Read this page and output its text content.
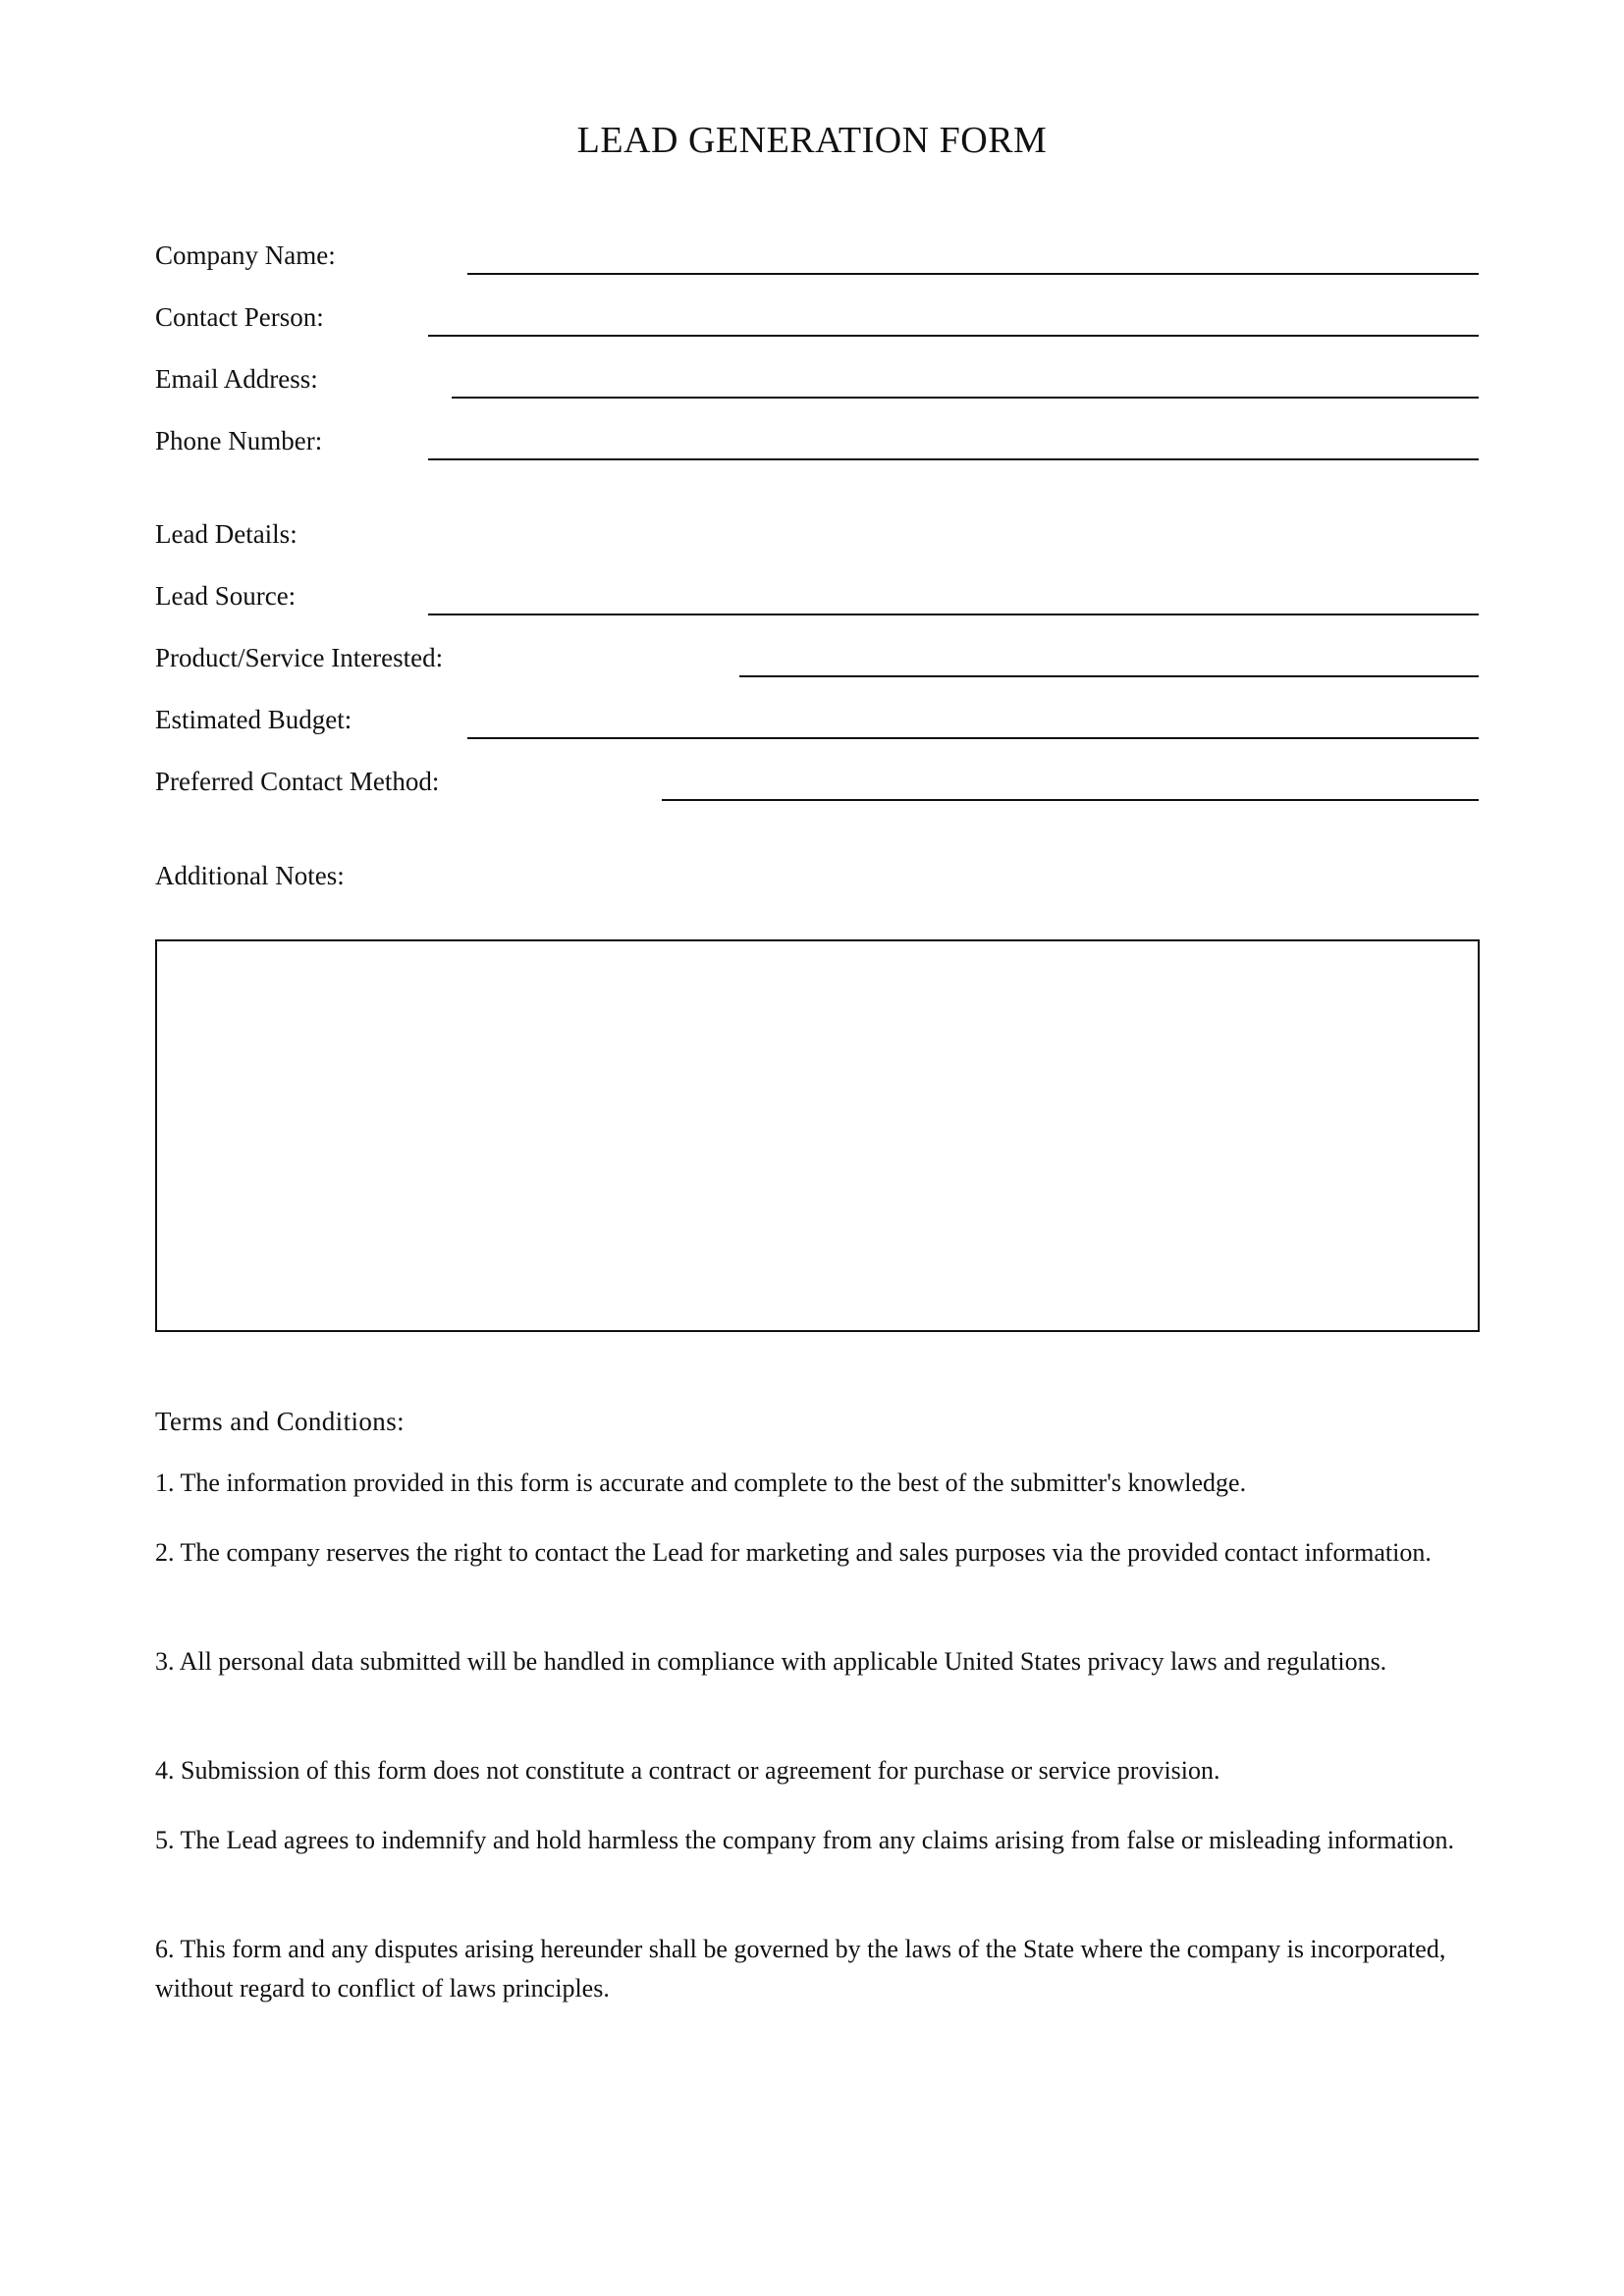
LEAD GENERATION FORM
Company Name:
Contact Person:
Email Address:
Phone Number:
Lead Details:
Lead Source:
Product/Service Interested:
Estimated Budget:
Preferred Contact Method:
Additional Notes:
Terms and Conditions:
1. The information provided in this form is accurate and complete to the best of the submitter's knowledge.
2. The company reserves the right to contact the Lead for marketing and sales purposes via the provided contact information.
3. All personal data submitted will be handled in compliance with applicable United States privacy laws and regulations.
4. Submission of this form does not constitute a contract or agreement for purchase or service provision.
5. The Lead agrees to indemnify and hold harmless the company from any claims arising from false or misleading information.
6. This form and any disputes arising hereunder shall be governed by the laws of the State where the company is incorporated, without regard to conflict of laws principles.
